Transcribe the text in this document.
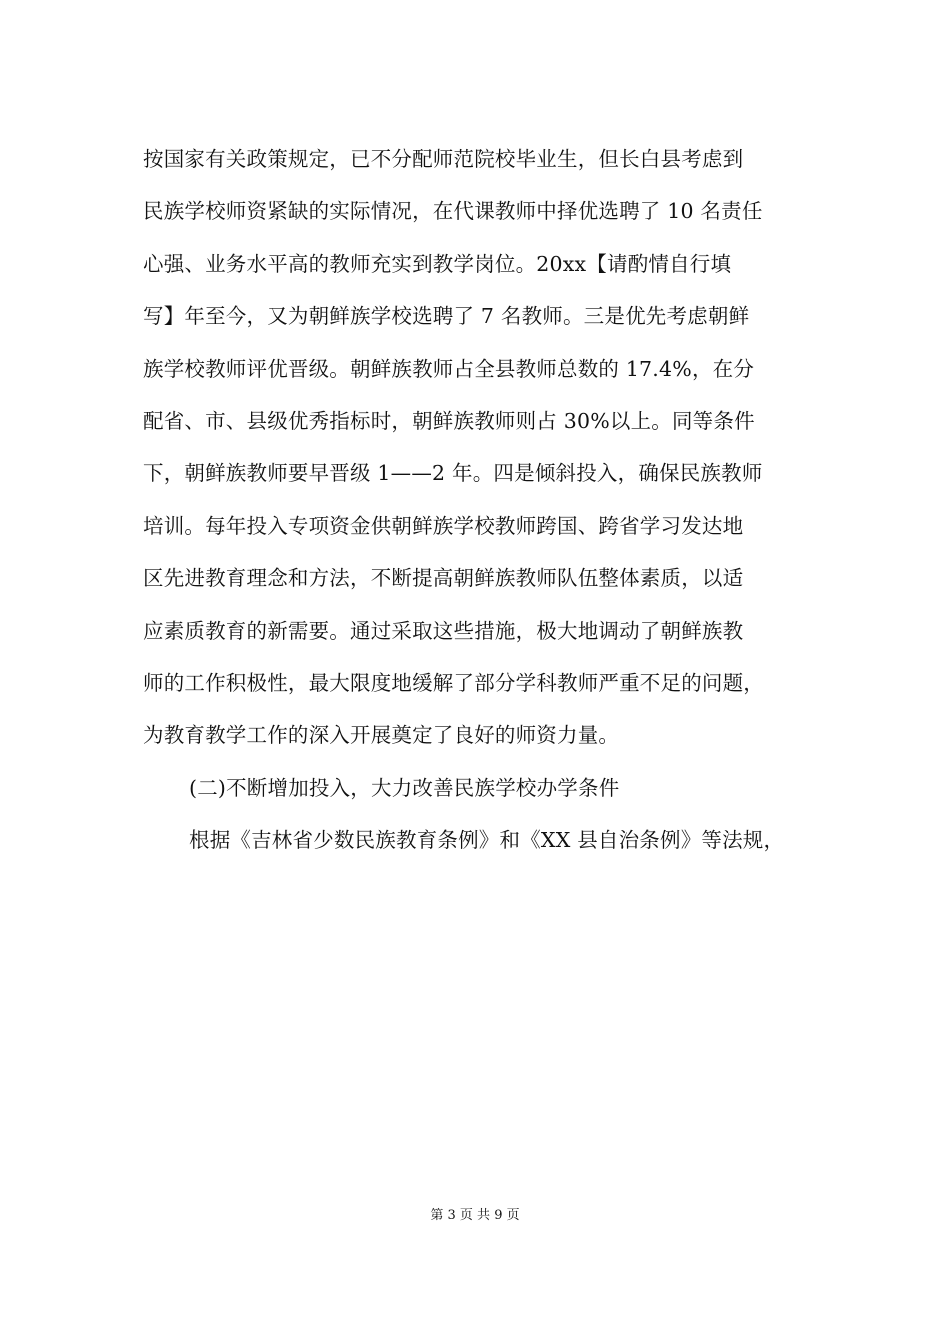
按国家有关政策规定，已不分配师范院校毕业生，但长白县考虑到
民族学校师资紧缺的实际情况，在代课教师中择优选聘了 10 名责任
心强、业务水平高的教师充实到教学岗位。20xx【请酌情自行填
写】年至今，又为朝鲜族学校选聘了 7 名教师。三是优先考虑朝鲜
族学校教师评优晋级。朝鲜族教师占全县教师总数的 17.4%，在分
配省、市、县级优秀指标时，朝鲜族教师则占 30%以上。同等条件
下，朝鲜族教师要早晋级 1——2 年。四是倾斜投入，确保民族教师
培训。每年投入专项资金供朝鲜族学校教师跨国、跨省学习发达地
区先进教育理念和方法，不断提高朝鲜族教师队伍整体素质，以适
应素质教育的新需要。通过采取这些措施，极大地调动了朝鲜族教
师的工作积极性，最大限度地缓解了部分学科教师严重不足的问题，
为教育教学工作的深入开展奠定了良好的师资力量。
(二)不断增加投入，大力改善民族学校办学条件
根据《吉林省少数民族教育条例》和《XX 县自治条例》等法规，
第 3 页 共 9 页
